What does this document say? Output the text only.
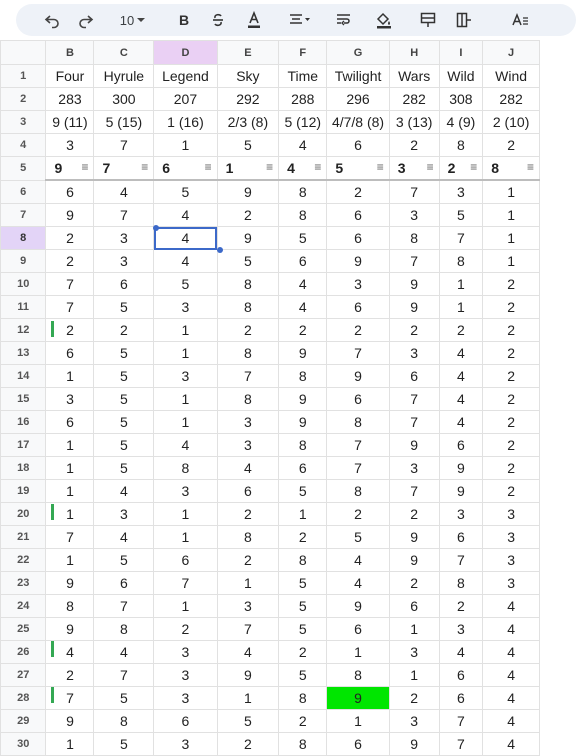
10	B
	B	C	D	E	F	G	H	I	J
1	Four	Hyrule	Legend	Sky	Time	Twilight	Wars	Wild	Wind
2	283	300	207	292	288	296	282	308	282
3	9 (11)	5 (15)	1 (16)	2/3 (8)	5 (12)	4/7/8 (8)	3 (13)	4 (9)	2 (10)
4	3	7	1	5	4	6	2	8	2
5	9 ≡	7 ≡	6 ≡	1 ≡	4 ≡	5 ≡	3 ≡	2 ≡	8 ≡

6	6	4	5	9	8	2	7	3	1
7	9	7	4	2	8	6	3	5	1
8	2	3	4	9	5	6	8	7	1
9	2	3	4	5	6	9	7	8	1
10	7	6	5	8	4	3	9	1	2
11	7	5	3	8	4	6	9	1	2
12	2	2	1	2	2	2	2	2	2
13	6	5	1	8	9	7	3	4	2
14	1	5	3	7	8	9	6	4	2
15	3	5	1	8	9	6	7	4	2
16	6	5	1	3	9	8	7	4	2
17	1	5	4	3	8	7	9	6	2
18	1	5	8	4	6	7	3	9	2
19	1	4	3	6	5	8	7	9	2
20	1	3	1	2	1	2	2	3	3
21	7	4	1	8	2	5	9	6	3
22	1	5	6	2	8	4	9	7	3
23	9	6	7	1	5	4	2	8	3
24	8	7	1	3	5	9	6	2	4
25	9	8	2	7	5	6	1	3	4
26	4	4	3	4	2	1	3	4	4
27	2	7	3	9	5	8	1	6	4
28	7	5	3	1	8	9	2	6	4
29	9	8	6	5	2	1	3	7	4
30	1	5	3	2	8	6	9	7	4
